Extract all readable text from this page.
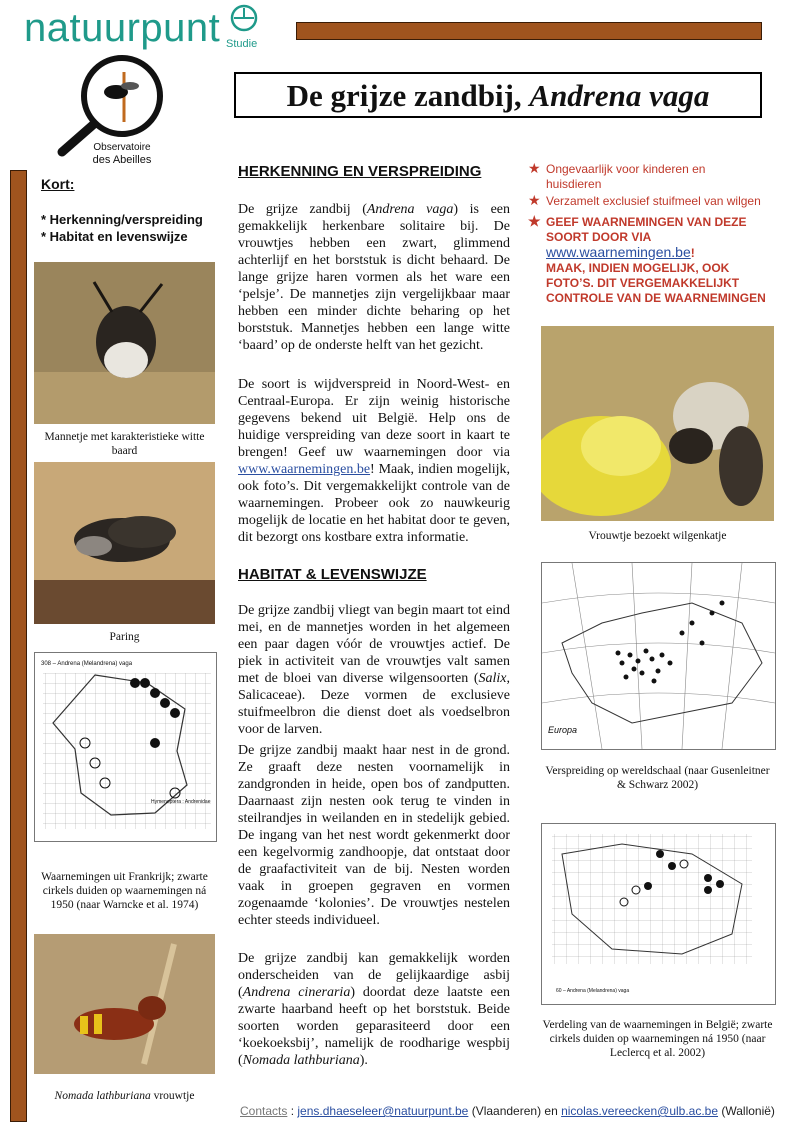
natuurpunt Studie
Observatoire
des Abeilles
De grijze zandbij, Andrena vaga
Kort:
* Herkenning/verspreiding
* Habitat en levenswijze
Mannetje met karakteristieke witte baard
Paring
308 – Andrena (Melandrena) vaga
Hymenoptera : Andrenidae
Waarnemingen uit Frankrijk; zwarte cirkels duiden op waarnemingen ná 1950 (naar Warncke et al. 1974)
Nomada lathburiana vrouwtje
HERKENNING EN VERSPREIDING
De grijze zandbij (Andrena vaga) is een gemakkelijk herkenbare solitaire bij. De vrouwtjes hebben een zwart, glimmend achterlijf en het borststuk is dicht behaard. De lange grijze haren vormen als het ware een ‘pelsje’. De mannetjes zijn vergelijkbaar maar hebben een minder dichte beharing op het borststuk. Mannetjes hebben een lange witte ‘baard’ op de onderste helft van het gezicht.
De soort is wijdverspreid in Noord-West- en Centraal-Europa. Er zijn weinig historische gegevens bekend uit België. Help ons de huidige verspreiding van deze soort in kaart te brengen! Geef uw waarnemingen door via www.waarnemingen.be! Maak, indien mogelijk, ook foto’s. Dit vergemakkelijkt controle van de waarnemingen. Probeer ook zo nauwkeurig mogelijk de locatie en het habitat door te geven, dit bezorgt ons kostbare extra informatie.
HABITAT & LEVENSWIJZE
De grijze zandbij vliegt van begin maart tot eind mei, en de mannetjes worden in het algemeen een paar dagen vóór de vrouwtjes actief. De piek in activiteit van de vrouwtjes valt samen met de bloei van diverse wilgensoorten (Salix, Salicaceae). Deze vormen de exclusieve stuifmeelbron die dienst doet als voedselbron voor de larven.
De grijze zandbij maakt haar nest in de grond. Ze graaft deze nesten voornamelijk in zandgronden in heide, open bos of zandputten. Daarnaast zijn nesten ook terug te vinden in steilrandjes in weilanden en in stedelijk gebied. De ingang van het nest wordt gekenmerkt door een kegelvormig zandhoopje, dat ontstaat door de graafactiviteit van de bij. Nesten worden vaak in groepen gegraven en vormen zogenaamde ‘kolonies’. De vrouwtjes nestelen echter steeds individueel.
De grijze zandbij kan gemakkelijk worden onderscheiden van de gelijkaardige asbij (Andrena cineraria) doordat deze laatste een zwarte haarband heeft op het borststuk. Beide soorten worden geparasiteerd door een ‘koekoeksbij’, namelijk de roodharige wespbij (Nomada lathburiana).
★ Ongevaarlijk voor kinderen en huisdieren
★ Verzamelt exclusief stuifmeel van wilgen
★ GEEF WAARNEMINGEN VAN DEZE SOORT DOOR VIA
www.waarnemingen.be!
MAAK, INDIEN MOGELIJK, OOK FOTO’S. DIT VERGEMAKKELIJKT CONTROLE VAN DE WAARNEMINGEN
Vrouwtje bezoekt wilgenkatje
Europa
Verspreiding op wereldschaal (naar Gusenleitner & Schwarz 2002)
60 – Andrena (Melandrena) vaga
Verdeling van de waarnemingen in België; zwarte cirkels duiden op waarnemingen ná 1950 (naar Leclercq et al. 2002)
Contacts : jens.dhaeseleer@natuurpunt.be (Vlaanderen) en nicolas.vereecken@ulb.ac.be (Wallonië)
